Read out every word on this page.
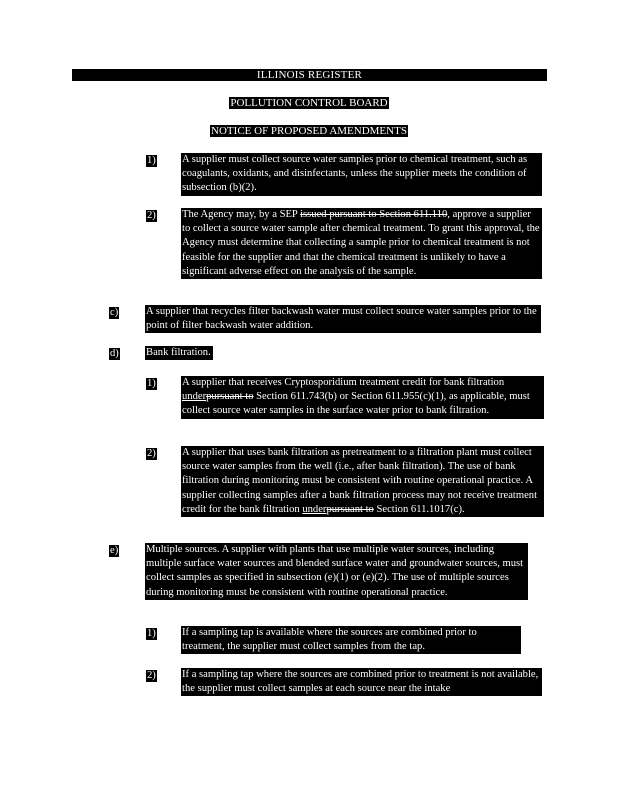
ILLINOIS REGISTER
POLLUTION CONTROL BOARD
NOTICE OF PROPOSED AMENDMENTS
1) A supplier must collect source water samples prior to chemical treatment, such as coagulants, oxidants, and disinfectants, unless the supplier meets the condition of subsection (b)(2).
2) The Agency may, by a SEP issued pursuant to Section 611.110, approve a supplier to collect a source water sample after chemical treatment. To grant this approval, the Agency must determine that collecting a sample prior to chemical treatment is not feasible for the supplier and that the chemical treatment is unlikely to have a significant adverse effect on the analysis of the sample.
c)	A supplier that recycles filter backwash water must collect source water samples prior to the point of filter backwash water addition.
d)	Bank filtration.
1) A supplier that receives Cryptosporidium treatment credit for bank filtration underpursuant to Section 611.743(b) or Section 611.955(c)(1), as applicable, must collect source water samples in the surface water prior to bank filtration.
2) A supplier that uses bank filtration as pretreatment to a filtration plant must collect source water samples from the well (i.e., after bank filtration). The use of bank filtration during monitoring must be consistent with routine operational practice. A supplier collecting samples after a bank filtration process may not receive treatment credit for the bank filtration underpursuant to Section 611.1017(c).
e)	Multiple sources. A supplier with plants that use multiple water sources, including multiple surface water sources and blended surface water and groundwater sources, must collect samples as specified in subsection (e)(1) or (e)(2). The use of multiple sources during monitoring must be consistent with routine operational practice.
1) If a sampling tap is available where the sources are combined prior to treatment, the supplier must collect samples from the tap.
2) If a sampling tap where the sources are combined prior to treatment is not available, the supplier must collect samples at each source near the intake
